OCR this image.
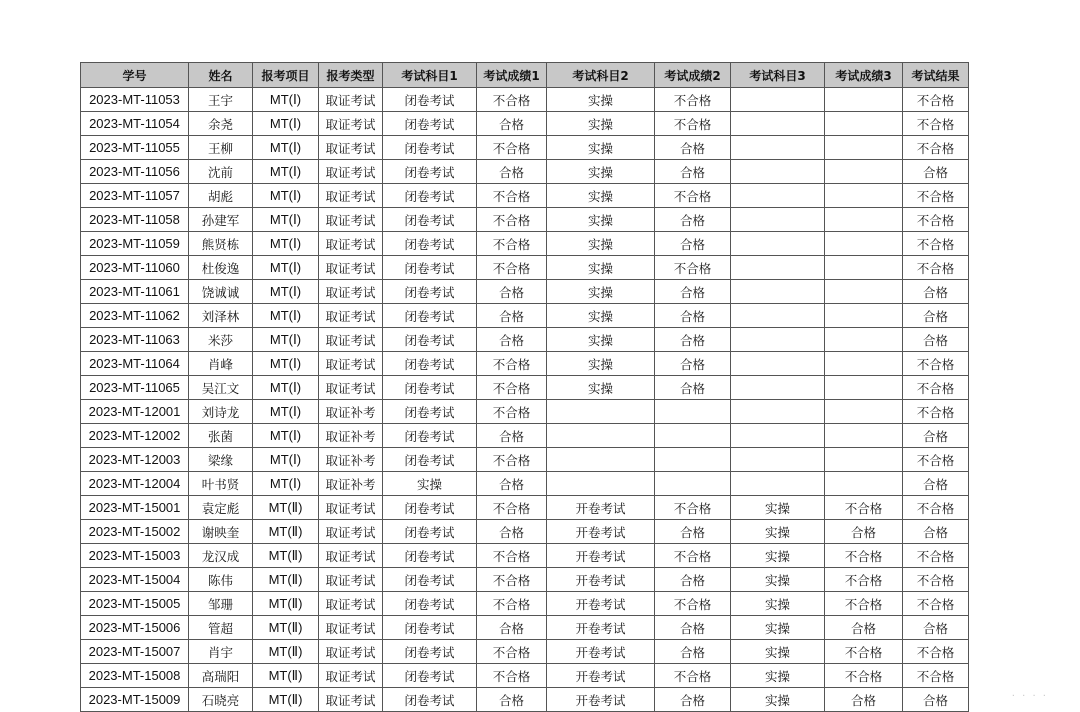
学号	姓名	报考项目	报考类型	考试科目1	考试成绩1	考试科目2	考试成绩2	考试科目3	考试成绩3	考试结果
2023-MT-11053	王宇	MT(Ⅰ)	取证考试	闭卷考试	不合格	实操	不合格			不合格
2023-MT-11054	余尧	MT(Ⅰ)	取证考试	闭卷考试	合格	实操	不合格			不合格
2023-MT-11055	王柳	MT(Ⅰ)	取证考试	闭卷考试	不合格	实操	合格			不合格
2023-MT-11056	沈前	MT(Ⅰ)	取证考试	闭卷考试	合格	实操	合格			合格
2023-MT-11057	胡彪	MT(Ⅰ)	取证考试	闭卷考试	不合格	实操	不合格			不合格
2023-MT-11058	孙建军	MT(Ⅰ)	取证考试	闭卷考试	不合格	实操	合格			不合格
2023-MT-11059	熊贤栋	MT(Ⅰ)	取证考试	闭卷考试	不合格	实操	合格			不合格
2023-MT-11060	杜俊逸	MT(Ⅰ)	取证考试	闭卷考试	不合格	实操	不合格			不合格
2023-MT-11061	饶诚诚	MT(Ⅰ)	取证考试	闭卷考试	合格	实操	合格			合格
2023-MT-11062	刘泽林	MT(Ⅰ)	取证考试	闭卷考试	合格	实操	合格			合格
2023-MT-11063	米莎	MT(Ⅰ)	取证考试	闭卷考试	合格	实操	合格			合格
2023-MT-11064	肖峰	MT(Ⅰ)	取证考试	闭卷考试	不合格	实操	合格			不合格
2023-MT-11065	吴江文	MT(Ⅰ)	取证考试	闭卷考试	不合格	实操	合格			不合格
2023-MT-12001	刘诗龙	MT(Ⅰ)	取证补考	闭卷考试	不合格					不合格
2023-MT-12002	张菌	MT(Ⅰ)	取证补考	闭卷考试	合格					合格
2023-MT-12003	梁缘	MT(Ⅰ)	取证补考	闭卷考试	不合格					不合格
2023-MT-12004	叶书贤	MT(Ⅰ)	取证补考	实操	合格					合格
2023-MT-15001	袁定彪	MT(Ⅱ)	取证考试	闭卷考试	不合格	开卷考试	不合格	实操	不合格	不合格
2023-MT-15002	谢映奎	MT(Ⅱ)	取证考试	闭卷考试	合格	开卷考试	合格	实操	合格	合格
2023-MT-15003	龙汉成	MT(Ⅱ)	取证考试	闭卷考试	不合格	开卷考试	不合格	实操	不合格	不合格
2023-MT-15004	陈伟	MT(Ⅱ)	取证考试	闭卷考试	不合格	开卷考试	合格	实操	不合格	不合格
2023-MT-15005	邹珊	MT(Ⅱ)	取证考试	闭卷考试	不合格	开卷考试	不合格	实操	不合格	不合格
2023-MT-15006	管超	MT(Ⅱ)	取证考试	闭卷考试	合格	开卷考试	合格	实操	合格	合格
2023-MT-15007	肖宇	MT(Ⅱ)	取证考试	闭卷考试	不合格	开卷考试	合格	实操	不合格	不合格
2023-MT-15008	高瑞阳	MT(Ⅱ)	取证考试	闭卷考试	不合格	开卷考试	不合格	实操	不合格	不合格
2023-MT-15009	石晓亮	MT(Ⅱ)	取证考试	闭卷考试	合格	开卷考试	合格	实操	合格	合格	· · · ·
